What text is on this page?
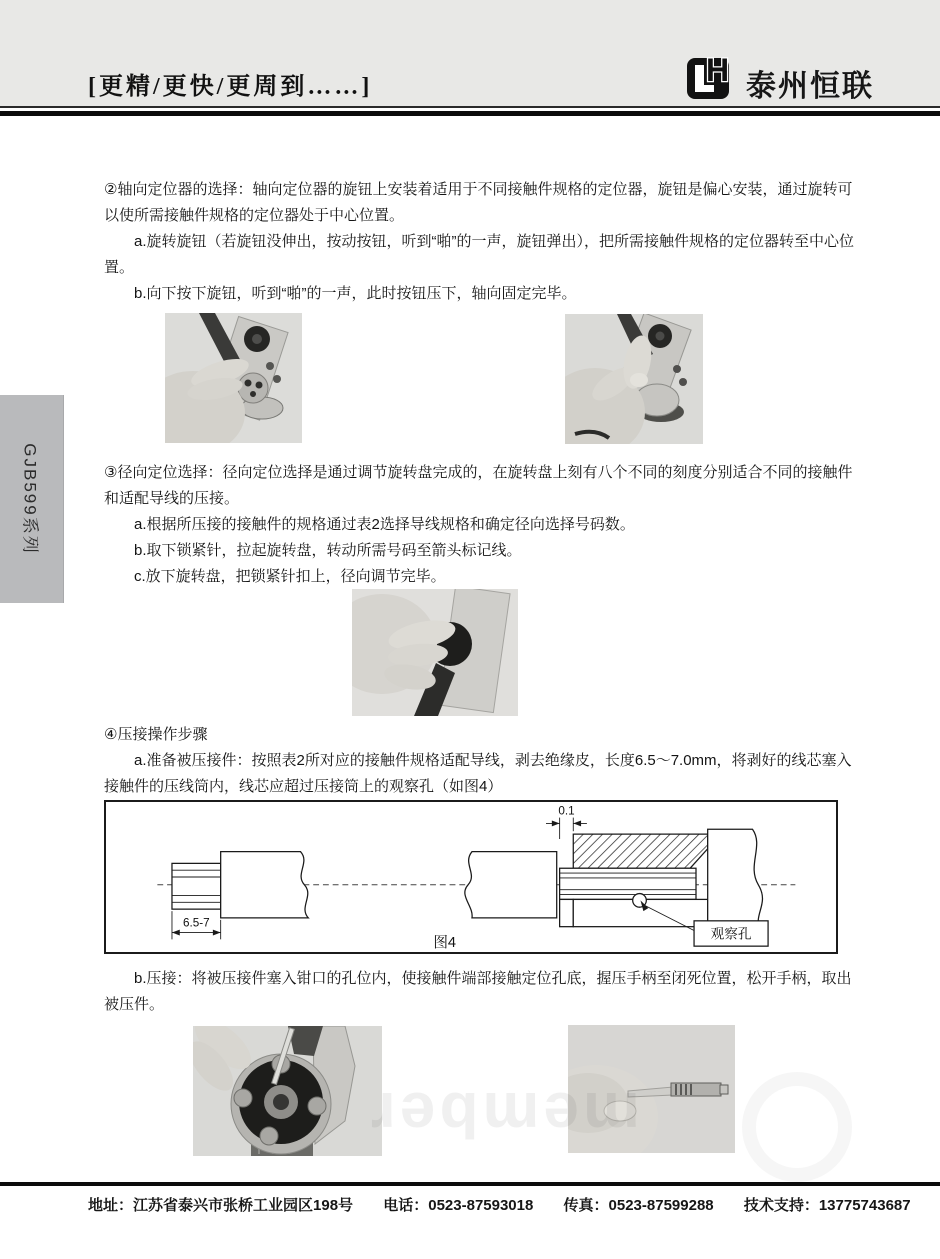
[更精/更快/更周到……]	H 泰州恒联
GJB599系列

②轴向定位器的选择：轴向定位器的旋钮上安装着适用于不同接触件规格的定位器，旋钮是偏心安装，通过旋转可以使所需接触件规格的定位器处于中心位置。

a.旋转旋钮（若旋钮没伸出，按动按钮，听到“啪”的一声，旋钮弹出），把所需接触件规格的定位器转至中心位置。

b.向下按下旋钮，听到“啪”的一声，此时按钮压下，轴向固定完毕。

③径向定位选择：径向定位选择是通过调节旋转盘完成的，在旋转盘上刻有八个不同的刻度分别适合不同的接触件和适配导线的压接。

a.根据所压接的接触件的规格通过表2选择导线规格和确定径向选择号码数。

b.取下锁紧针，拉起旋转盘，转动所需号码至箭头标记线。

c.放下旋转盘，把锁紧针扣上，径向调节完毕。

④压接操作步骤

a.准备被压接件：按照表2所对应的接触件规格适配导线，剥去绝缘皮，长度6.5～7.0mm，将剥好的线芯塞入接触件的压线筒内，线芯应超过压接筒上的观察孔（如图4）

6.5-7
0.1
观察孔
图4

b.压接：将被压接件塞入钳口的孔位内，使接触件端部接触定位孔底，握压手柄至闭死位置，松开手柄，取出被压件。

member
地址：江苏省泰兴市张桥工业园区198号 电话：0523-87593018 传真：0523-87599288 技术支持：13775743687
